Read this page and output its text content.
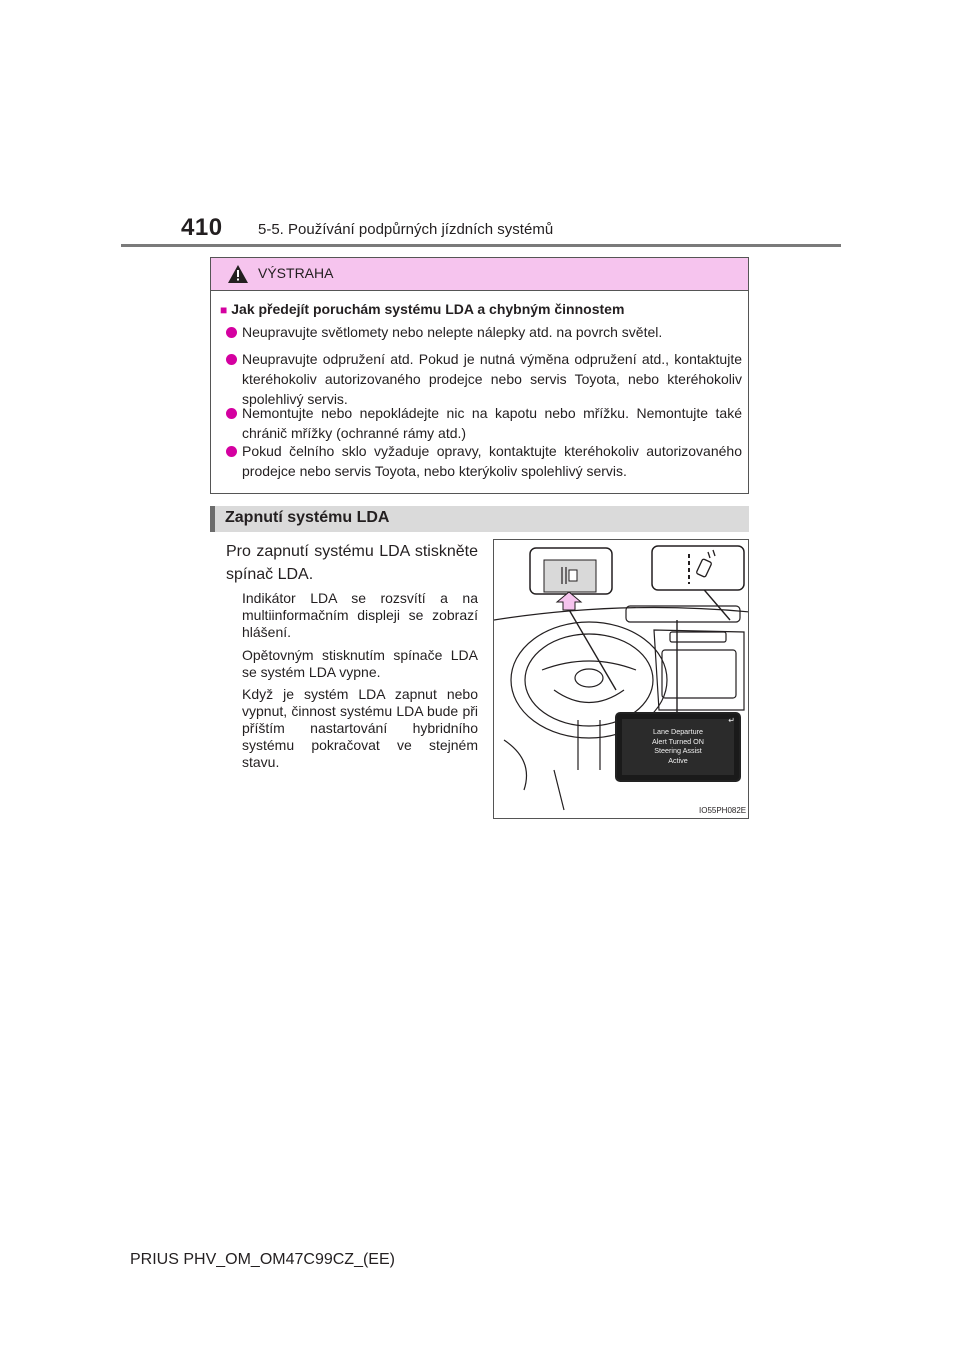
410 5-5. Používání podpůrných jízdních systémů
VÝSTRAHA
■ Jak předejít poruchám systému LDA a chybným činnostem
Neupravujte světlomety nebo nelepte nálepky atd. na povrch světel.
Neupravujte odpružení atd. Pokud je nutná výměna odpružení atd., kontaktujte kteréhokoliv autorizovaného prodejce nebo servis Toyota, nebo kteréhokoliv spolehlivý servis.
Nemontujte nebo nepokládejte nic na kapotu nebo mřížku. Nemontujte také chránič mřížky (ochranné rámy atd.)
Pokud čelního sklo vyžaduje opravy, kontaktujte kteréhokoliv autorizovaného prodejce nebo servis Toyota, nebo kterýkoliv spolehlivý servis.
Zapnutí systému LDA
Pro zapnutí systému LDA stiskněte spínač LDA.
Indikátor LDA se rozsvítí a na multiinformačním displeji se zobrazí hlášení.
Opětovným stisknutím spínače LDA se systém LDA vypne.
Když je systém LDA zapnut nebo vypnut, činnost systému LDA bude při příštím nastartování hybridního systému pokračovat ve stejném stavu.
↵
Lane Departure
Alert Turned ON
Steering Assist
Active
IO55PH082E
PRIUS PHV_OM_OM47C99CZ_(EE)
